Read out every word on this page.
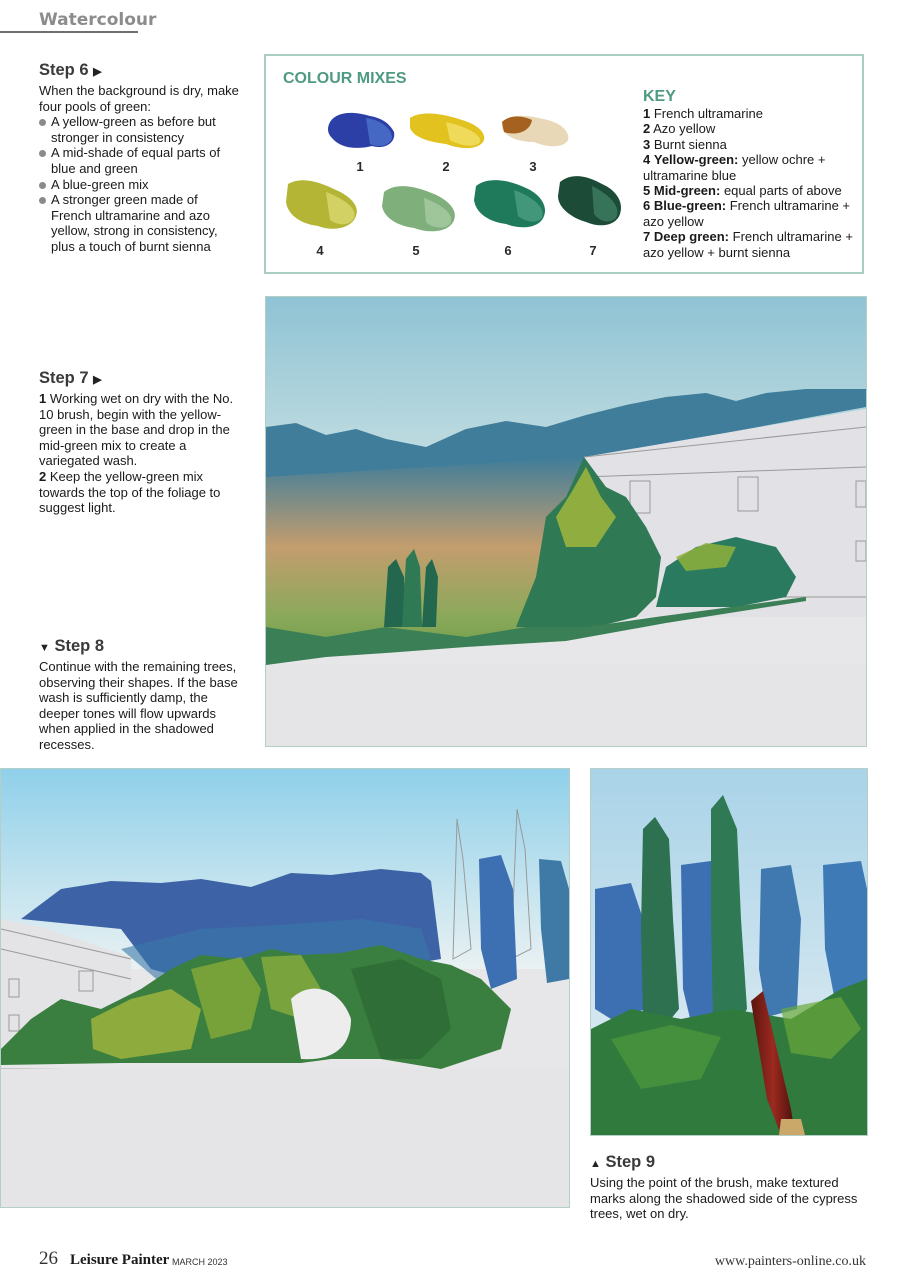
Watercolour
Step 6 ▶

When the background is dry, make four pools of green:

A yellow-green as before but stronger in consistency
A mid-shade of equal parts of blue and green
A blue-green mix
A stronger green made of French ultramarine and azo yellow, strong in consistency, plus a touch of burnt sienna
COLOUR MIXES
1	2	3
4	5	6	7
KEY
1 French ultramarine
2 Azo yellow
3 Burnt sienna
4 Yellow-green: yellow ochre + ultramarine blue
5 Mid-green: equal parts of above
6 Blue-green: French ultramarine + azo yellow
7 Deep green: French ultramarine + azo yellow + burnt sienna
Step 7 ▶

1 Working wet on dry with the No. 10 brush, begin with the yellow-green in the base and drop in the mid-green mix to create a variegated wash.

2 Keep the yellow-green mix towards the top of the foliage to suggest light.

▼ Step 8

Continue with the remaining trees, observing their shapes. If the base wash is sufficiently damp, the deeper tones will flow upwards when applied in the shadowed recesses.

▲ Step 9

Using the point of the brush, make textured marks along the shadowed side of the cypress trees, wet on dry.

26 Leisure Painter MARCH 2023	www.painters-online.co.uk
